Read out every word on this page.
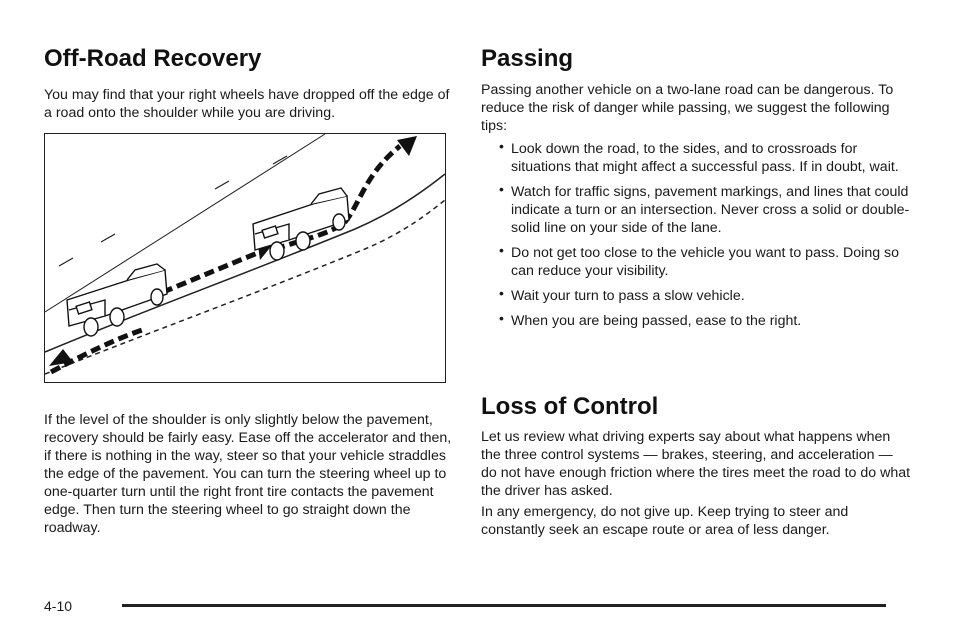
Off-Road Recovery

You may find that your right wheels have dropped off the edge of a road onto the shoulder while you are driving.

If the level of the shoulder is only slightly below the pavement, recovery should be fairly easy. Ease off the accelerator and then, if there is nothing in the way, steer so that your vehicle straddles the edge of the pavement. You can turn the steering wheel up to one-quarter turn until the right front tire contacts the pavement edge. Then turn the steering wheel to go straight down the roadway.

Passing

Passing another vehicle on a two-lane road can be dangerous. To reduce the risk of danger while passing, we suggest the following tips:

• Look down the road, to the sides, and to crossroads for situations that might affect a successful pass. If in doubt, wait.
• Watch for traffic signs, pavement markings, and lines that could indicate a turn or an intersection. Never cross a solid or double-solid line on your side of the lane.
• Do not get too close to the vehicle you want to pass. Doing so can reduce your visibility.
• Wait your turn to pass a slow vehicle.
• When you are being passed, ease to the right.
Loss of Control

Let us review what driving experts say about what happens when the three control systems — brakes, steering, and acceleration — do not have enough friction where the tires meet the road to do what the driver has asked.

In any emergency, do not give up. Keep trying to steer and constantly seek an escape route or area of less danger.

4-10
